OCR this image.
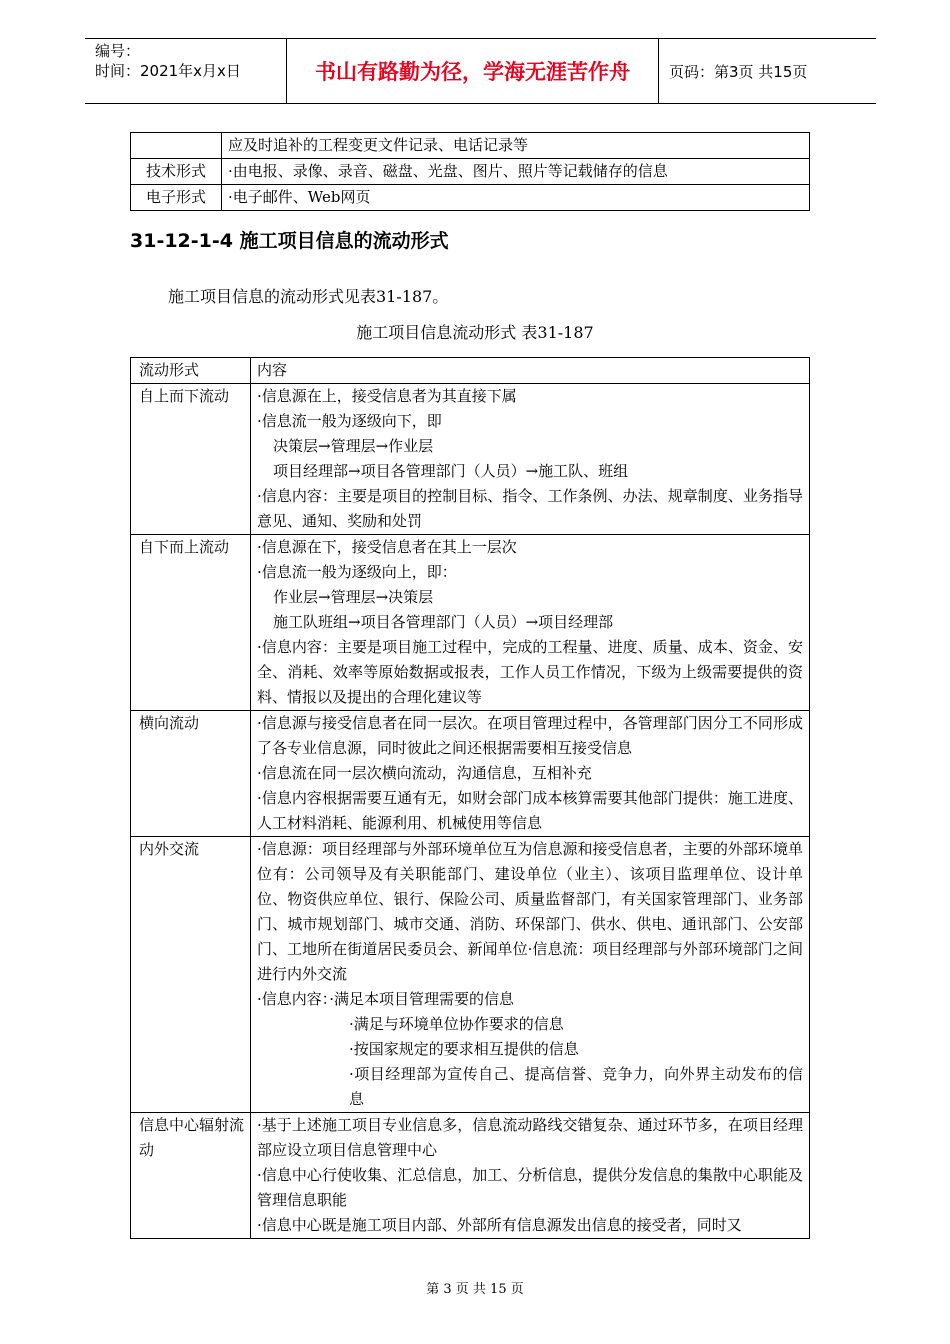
编号：
时间：2021年x月x日	书山有路勤为径，学海无涯苦作舟	页码：第3页 共15页
	应及时追补的工程变更文件记录、电话记录等
技术形式	·由电报、录像、录音、磁盘、光盘、图片、照片等记载储存的信息
电子形式	·电子邮件、Web网页
31-12-1-4 施工项目信息的流动形式
施工项目信息的流动形式见表31-187。
施工项目信息流动形式 表31-187
流动形式	内容
自上而下流动	·信息源在上，接受信息者为其直接下属
·信息流一般为逐级向下，即
决策层→管理层→作业层
项目经理部→项目各管理部门（人员）→施工队、班组
·信息内容：主要是项目的控制目标、指令、工作条例、办法、规章制度、业务指导意见、通知、奖励和处罚

自下而上流动	·信息源在下，接受信息者在其上一层次
·信息流一般为逐级向上，即：
作业层→管理层→决策层
施工队班组→项目各管理部门（人员）→项目经理部
·信息内容：主要是项目施工过程中，完成的工程量、进度、质量、成本、资金、安全、消耗、效率等原始数据或报表，工作人员工作情况，下级为上级需要提供的资料、情报以及提出的合理化建议等

横向流动	·信息源与接受信息者在同一层次。在项目管理过程中，各管理部门因分工不同形成了各专业信息源，同时彼此之间还根据需要相互接受信息
·信息流在同一层次横向流动，沟通信息，互相补充
·信息内容根据需要互通有无，如财会部门成本核算需要其他部门提供：施工进度、人工材料消耗、能源利用、机械使用等信息

内外交流	·信息源：项目经理部与外部环境单位互为信息源和接受信息者，主要的外部环境单位有：公司领导及有关职能部门、建设单位（业主）、该项目监理单位、设计单位、物资供应单位、银行、保险公司、质量监督部门，有关国家管理部门、业务部门、城市规划部门、城市交通、消防、环保部门、供水、供电、通讯部门、公安部门、工地所在街道居民委员会、新闻单位·信息流：项目经理部与外部环境部门之间进行内外交流
·信息内容：·满足本项目管理需要的信息
·满足与环境单位协作要求的信息
·按国家规定的要求相互提供的信息
·项目经理部为宣传自己、提高信誉、竞争力，向外界主动发布的信息

信息中心辐射流动	·基于上述施工项目专业信息多，信息流动路线交错复杂、通过环节多，在项目经理部应设立项目信息管理中心
·信息中心行使收集、汇总信息，加工、分析信息，提供分发信息的集散中心职能及管理信息职能
·信息中心既是施工项目内部、外部所有信息源发出信息的接受者，同时又
第 3 页 共 15 页
